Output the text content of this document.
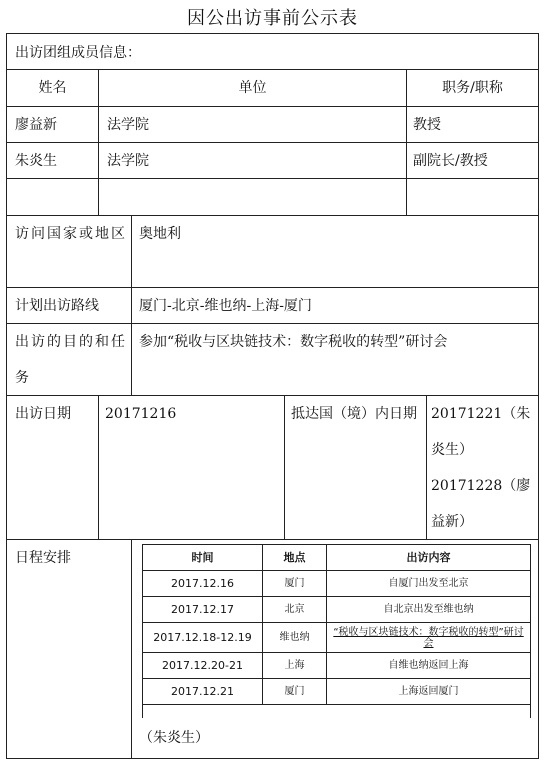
因公出访事前公示表
出访团组成员信息：
姓名	单位	职务/职称
廖益新	法学院	教授
朱炎生	法学院	副院长/教授
访问国家或地区 奥地利
计划出访路线	厦门-北京-维也纳-上海-厦门
出访的目的和任务
参加“税收与区块链技术：数字税收的转型”研讨会
出访日期 20171216	抵达国（境）内日期	20171221（朱炎生）
20171228（廖益新）
日程安排	时间	地点	出访内容
2017.12.16	厦门	自厦门出发至北京
2017.12.17	北京	自北京出发至维也纳
2017.12.18-12.19	维也纳	“税收与区块链技术：数字税收的转型”研讨会
2017.12.20-21	上海	自维也纳返回上海
2017.12.21	厦门	上海返回厦门
（朱炎生）
